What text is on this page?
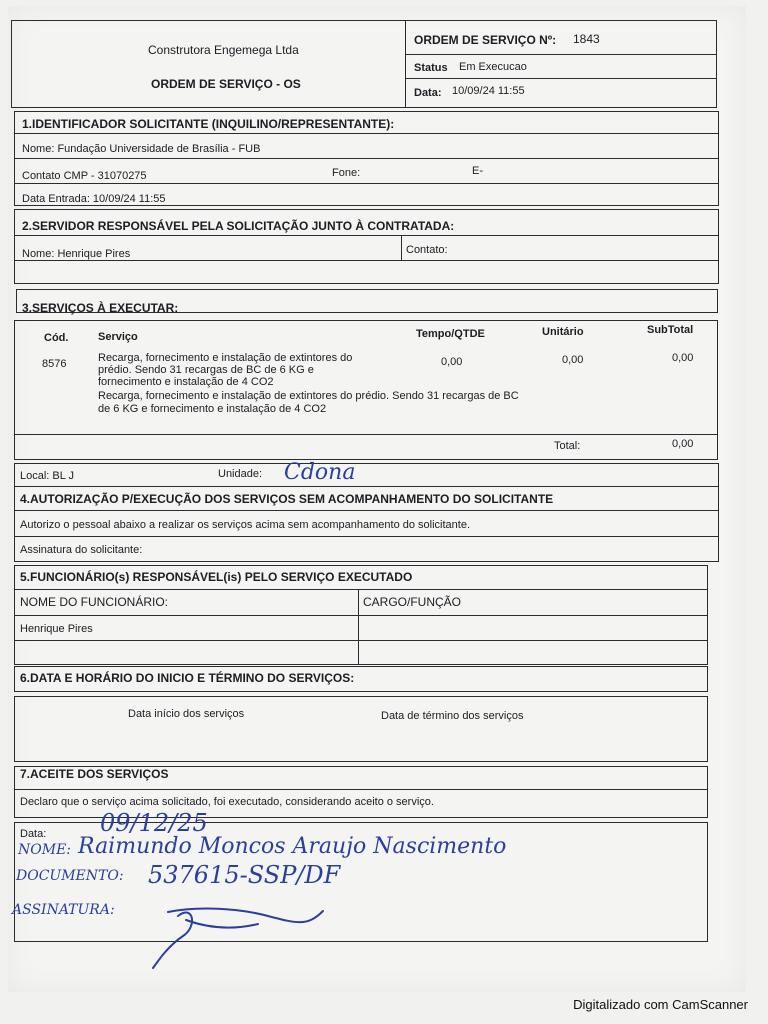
Construtora Engemega Ltda
ORDEM DE SERVIÇO - OS
ORDEM DE SERVIÇO Nº: 1843
Status Em Execucao
Data: 10/09/24 11:55
1.IDENTIFICADOR SOLICITANTE (INQUILINO/REPRESENTANTE):
Nome: Fundação Universidade de Brasília - FUB
Contato CMP - 31070275	Fone:	E-
Data Entrada: 10/09/24 11:55
2.SERVIDOR RESPONSÁVEL PELA SOLICITAÇÃO JUNTO À CONTRATADA:
Nome: Henrique Pires	Contato:
3.SERVIÇOS À EXECUTAR:
Cód.	Serviço	Tempo/QTDE	Unitário	SubTotal
8576	Recarga, fornecimento e instalação de extintores do
prédio. Sendo 31 recargas de BC de 6 KG e
fornecimento e instalação de 4 CO2
Recarga, fornecimento e instalação de extintores do prédio. Sendo 31 recargas de BC
de 6 KG e fornecimento e instalação de 4 CO2
0,00	0,00	0,00
Total:	0,00
Local: BL J	Unidade: Cdona
4.AUTORIZAÇÃO P/EXECUÇÃO DOS SERVIÇOS SEM ACOMPANHAMENTO DO SOLICITANTE
Autorizo o pessoal abaixo a realizar os serviços acima sem acompanhamento do solicitante.
Assinatura do solicitante:
5.FUNCIONÁRIO(s) RESPONSÁVEL(is) PELO SERVIÇO EXECUTADO
NOME DO FUNCIONÁRIO:	CARGO/FUNÇÃO
Henrique Pires
6.DATA E HORÁRIO DO INICIO E TÉRMINO DO SERVIÇOS:
Data início dos serviços	Data de término dos serviços
7.ACEITE DOS SERVIÇOS
Declaro que o serviço acima solicitado, foi executado, considerando aceito o serviço.
Data: 09/12/25
NOME: Raimundo Moncos Araujo Nascimento
DOCUMENTO: 537615-SSP/DF
ASSINATURA:
Digitalizado com CamScanner
